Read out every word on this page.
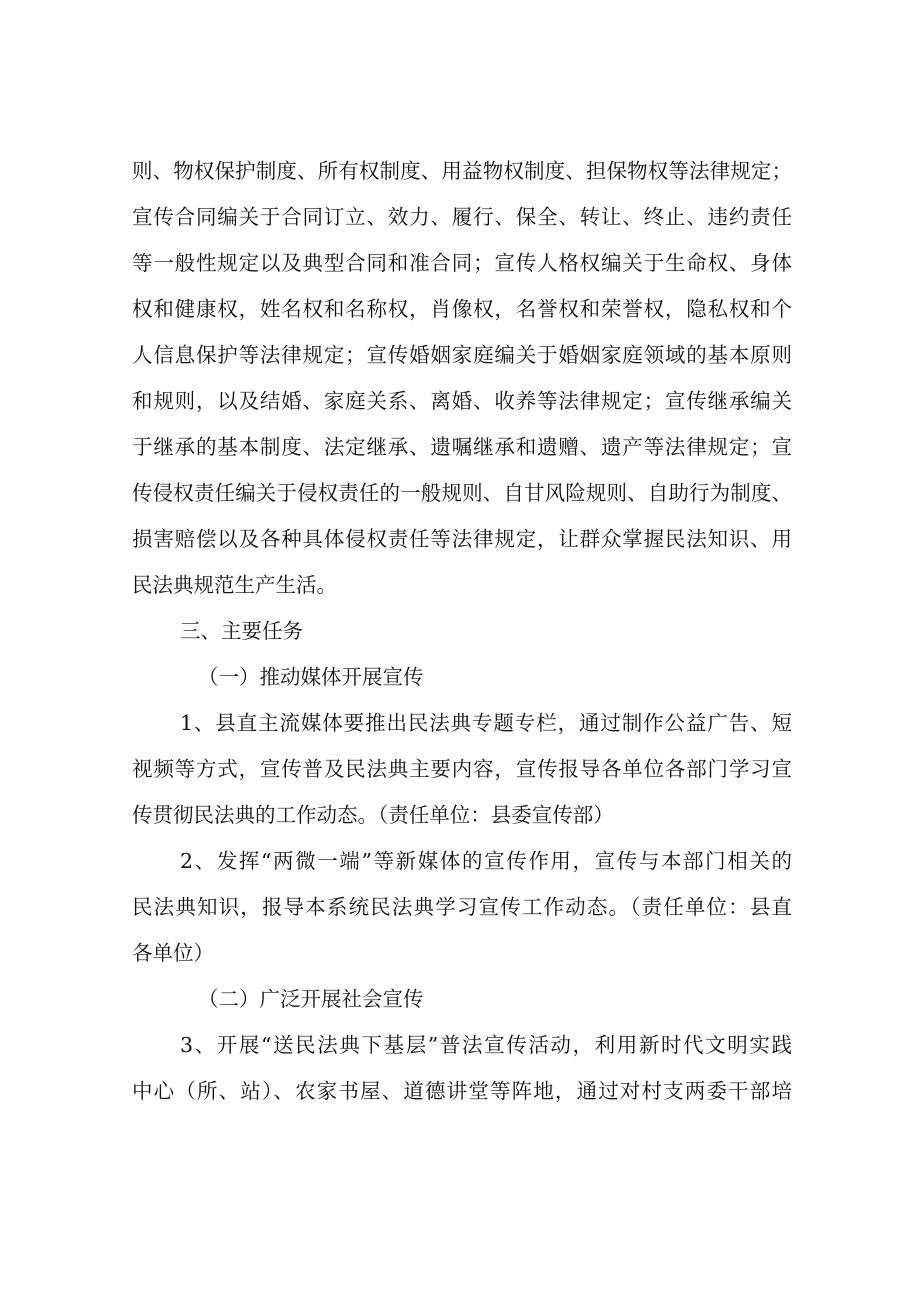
则、物权保护制度、所有权制度、用益物权制度、担保物权等法律规定；
宣传合同编关于合同订立、效力、履行、保全、转让、终止、违约责任
等一般性规定以及典型合同和准合同；宣传人格权编关于生命权、身体
权和健康权，姓名权和名称权，肖像权，名誉权和荣誉权，隐私权和个
人信息保护等法律规定；宣传婚姻家庭编关于婚姻家庭领域的基本原则
和规则，以及结婚、家庭关系、离婚、收养等法律规定；宣传继承编关
于继承的基本制度、法定继承、遗嘱继承和遗赠、遗产等法律规定；宣
传侵权责任编关于侵权责任的一般规则、自甘风险规则、自助行为制度、
损害赔偿以及各种具体侵权责任等法律规定，让群众掌握民法知识、用
民法典规范生产生活。
三、主要任务
（一）推动媒体开展宣传
1、县直主流媒体要推出民法典专题专栏，通过制作公益广告、短
视频等方式，宣传普及民法典主要内容，宣传报导各单位各部门学习宣
传贯彻民法典的工作动态。（责任单位：县委宣传部）
2、发挥“两微一端”等新媒体的宣传作用，宣传与本部门相关的
民法典知识，报导本系统民法典学习宣传工作动态。（责任单位：县直
各单位）
（二）广泛开展社会宣传
3、开展“送民法典下基层”普法宣传活动，利用新时代文明实践
中心（所、站）、农家书屋、道德讲堂等阵地，通过对村支两委干部培
